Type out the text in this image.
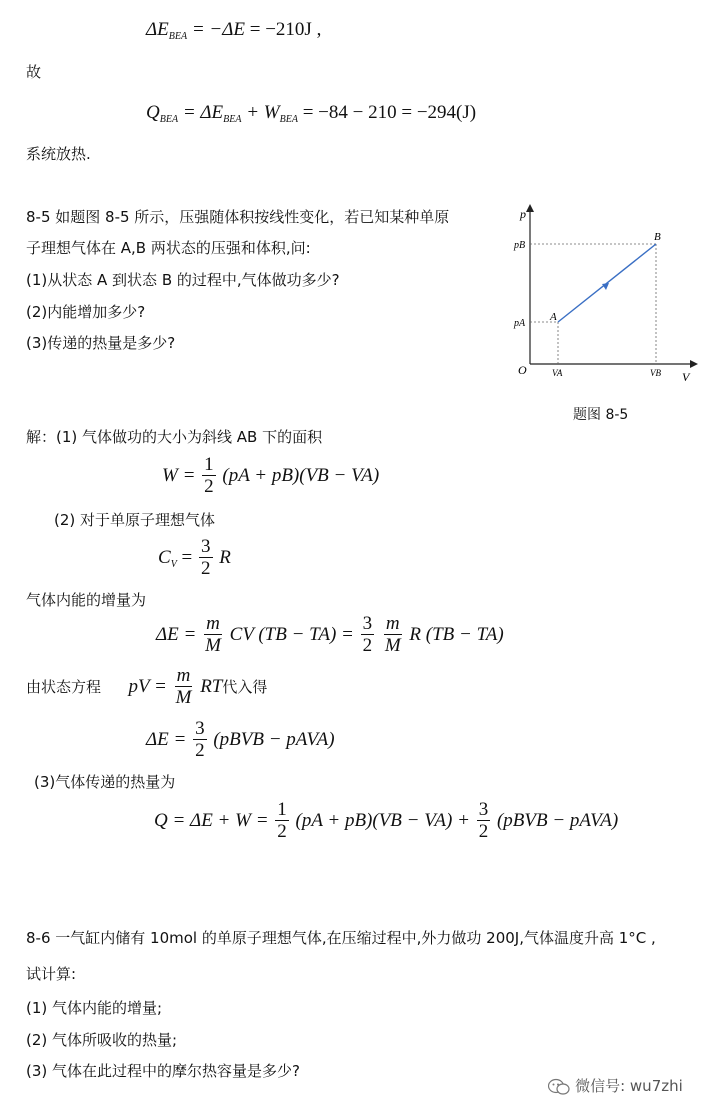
$\Delta E_{BEA} = -\Delta E = -210J$ ,
故
$Q_{BEA} = \Delta E_{BEA} + W_{BEA} = -84 - 210 = -294(J)$
系统放热.
8-5 如题图 8-5 所示，压强随体积按线性变化，若已知某种单原
子理想气体在 A,B 两状态的压强和体积,问:
(1)从状态 A 到状态 B 的过程中,气体做功多少?
(2)内能增加多少?
(3)传递的热量是多少?
p
V
O
pB
pA
VA	VB
A
B
题图 8-5
解：(1) 气体做功的大小为斜线 AB 下的面积
$W = \frac{1}{2} (pA + pB)(VB - VA)$
(2) 对于单原子理想气体
$C_V = \frac{3}{2}$ R
气体内能的增量为
$\Delta E = \frac{m}{M}$ CV $(TB - TA) = \frac{3}{2}$
$\frac{m}{M}$ R (TB − TA)
由状态方程 pV = $\frac{m}{M}$ RT代入得
$\Delta E = \frac{3}{2}$ (pBVB − pAVA)
(3)气体传递的热量为
$Q = \Delta E + W = \frac{1}{2} (pA + pB)(VB - VA) + \frac{3}{2}$ (pBVB − pAVA)
8-6 一气缸内储有 10mol 的单原子理想气体,在压缩过程中,外力做功 200J,气体温度升高 1°C ,
试计算:
(1) 气体内能的增量;
(2) 气体所吸收的热量;
(3) 气体在此过程中的摩尔热容量是多少?
微信号: wu7zhi
